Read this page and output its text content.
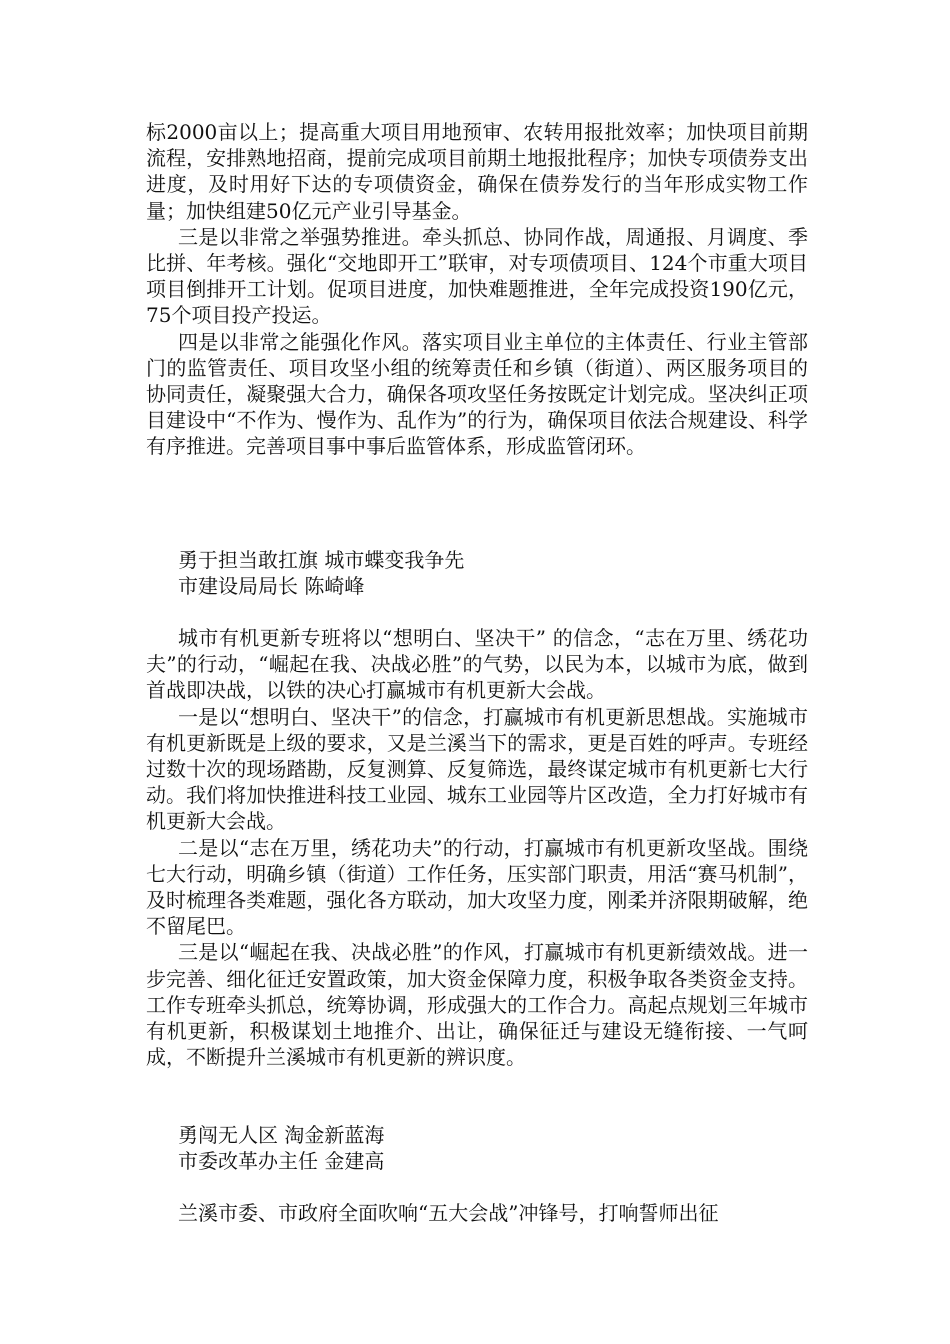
标2000亩以上；提高重大项目用地预审、农转用报批效率；加快项目前期流程，安排熟地招商，提前完成项目前期土地报批程序；加快专项债券支出进度，及时用好下达的专项债资金，确保在债券发行的当年形成实物工作量；加快组建50亿元产业引导基金。

三是以非常之举强势推进。牵头抓总、协同作战，周通报、月调度、季比拼、年考核。强化“交地即开工”联审，对专项债项目、124个市重大项目项目倒排开工计划。促项目进度，加快难题推进，全年完成投资190亿元，75个项目投产投运。

四是以非常之能强化作风。落实项目业主单位的主体责任、行业主管部门的监管责任、项目攻坚小组的统筹责任和乡镇（街道）、两区服务项目的协同责任，凝聚强大合力，确保各项攻坚任务按既定计划完成。坚决纠正项目建设中“不作为、慢作为、乱作为”的行为，确保项目依法合规建设、科学有序推进。完善项目事中事后监管体系，形成监管闭环。

勇于担当敢扛旗 城市蝶变我争先
市建设局局长 陈崎峰

城市有机更新专班将以“想明白、坚决干” 的信念，“志在万里、绣花功夫”的行动，“崛起在我、决战必胜”的气势，以民为本，以城市为底，做到首战即决战，以铁的决心打赢城市有机更新大会战。

一是以“想明白、坚决干”的信念，打赢城市有机更新思想战。实施城市有机更新既是上级的要求，又是兰溪当下的需求，更是百姓的呼声。专班经过数十次的现场踏勘，反复测算、反复筛选，最终谋定城市有机更新七大行动。我们将加快推进科技工业园、城东工业园等片区改造，全力打好城市有机更新大会战。

二是以“志在万里，绣花功夫”的行动，打赢城市有机更新攻坚战。围绕七大行动，明确乡镇（街道）工作任务，压实部门职责，用活“赛马机制”，及时梳理各类难题，强化各方联动，加大攻坚力度，刚柔并济限期破解，绝不留尾巴。

三是以“崛起在我、决战必胜”的作风，打赢城市有机更新绩效战。进一步完善、细化征迁安置政策，加大资金保障力度，积极争取各类资金支持。工作专班牵头抓总，统筹协调，形成强大的工作合力。高起点规划三年城市有机更新，积极谋划土地推介、出让，确保征迁与建设无缝衔接、一气呵成，不断提升兰溪城市有机更新的辨识度。

勇闯无人区 淘金新蓝海
市委改革办主任 金建高

兰溪市委、市政府全面吹响“五大会战”冲锋号，打响誓师出征
